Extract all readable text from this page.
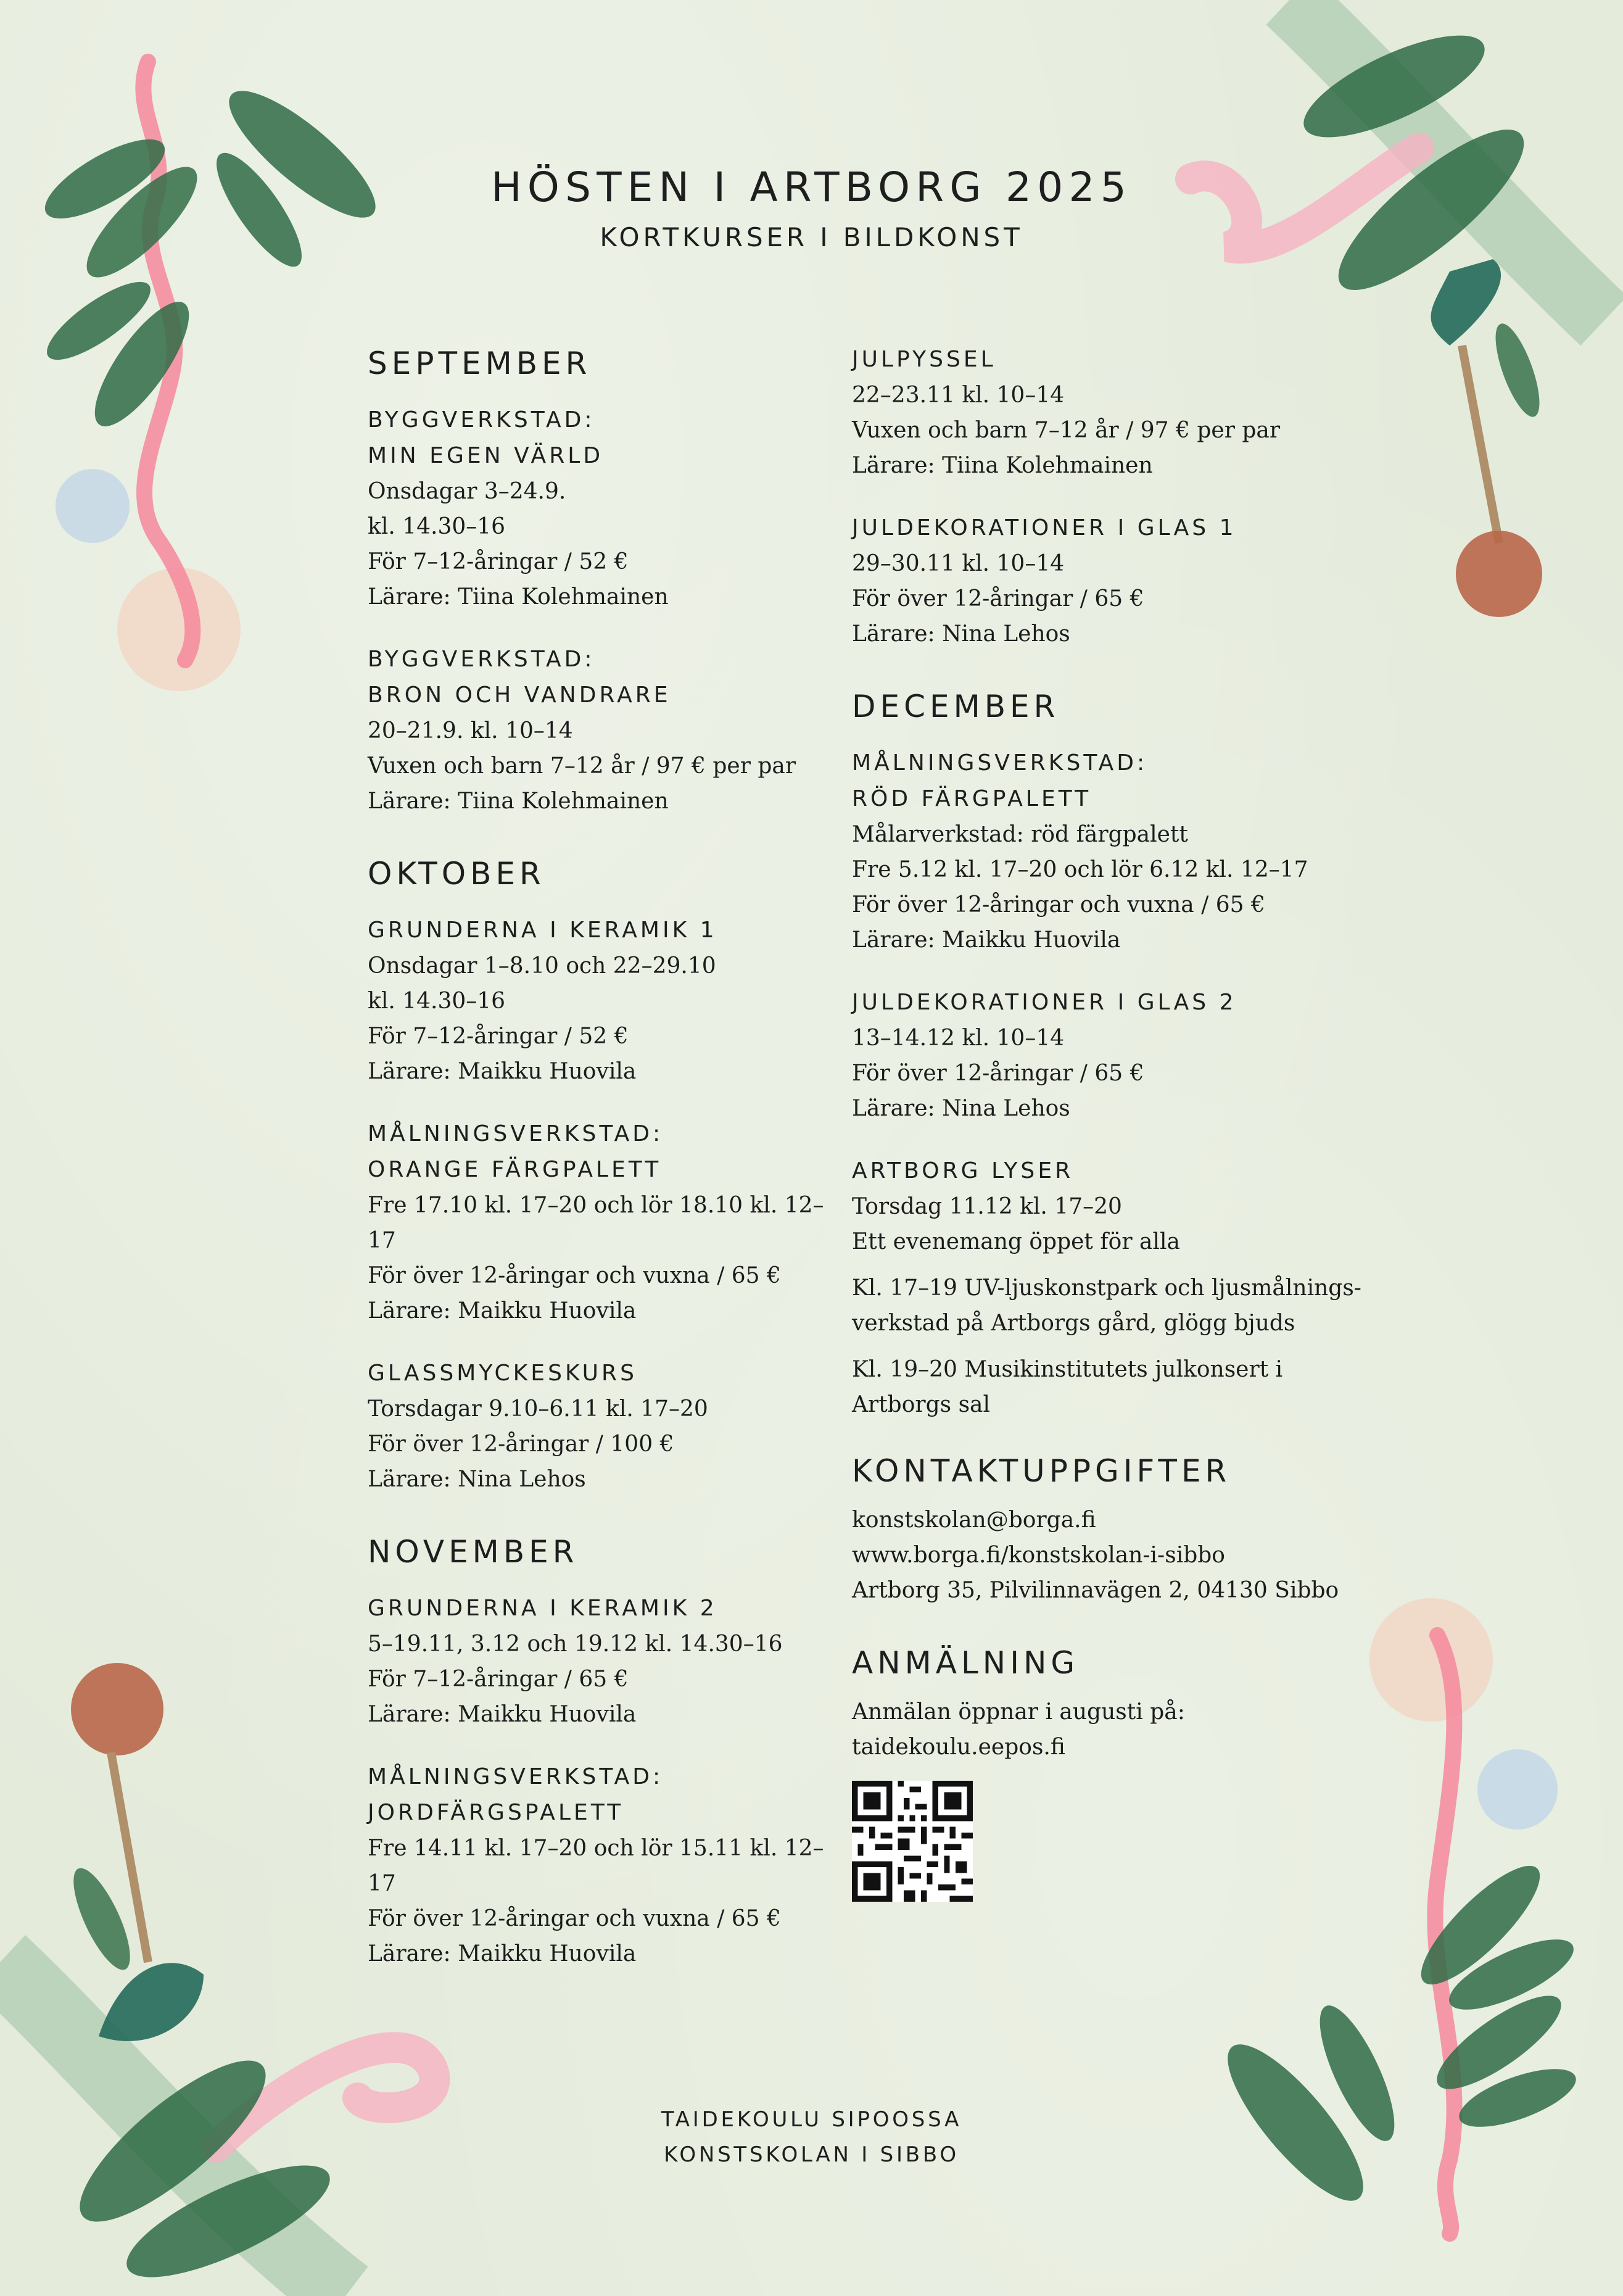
HÖSTEN I ARTBORG 2025
KORTKURSER I BILDKONST
SEPTEMBER
BYGGVERKSTAD:
MIN EGEN VÄRLD
Onsdagar 3–24.9.
kl. 14.30–16
För 7–12-åringar / 52 €
Lärare: Tiina Kolehmainen
BYGGVERKSTAD:
BRON OCH VANDRARE
20–21.9. kl. 10–14
Vuxen och barn 7–12 år / 97 € per par
Lärare: Tiina Kolehmainen
OKTOBER
GRUNDERNA I KERAMIK 1
Onsdagar 1–8.10 och 22–29.10
kl. 14.30–16
För 7–12-åringar / 52 €
Lärare: Maikku Huovila
MÅLNINGSVERKSTAD:
ORANGE FÄRGPALETT
Fre 17.10 kl. 17–20 och lör 18.10 kl. 12–17
För över 12-åringar och vuxna / 65 €
Lärare: Maikku Huovila
GLASSMYCKESKURS
Torsdagar 9.10–6.11 kl. 17–20
För över 12-åringar / 100 €
Lärare: Nina Lehos
NOVEMBER
GRUNDERNA I KERAMIK 2
5–19.11, 3.12 och 19.12 kl. 14.30–16
För 7–12-åringar / 65 €
Lärare: Maikku Huovila
MÅLNINGSVERKSTAD:
JORDFÄRGSPALETT
Fre 14.11 kl. 17–20 och lör 15.11 kl. 12–17
För över 12-åringar och vuxna / 65 €
Lärare: Maikku Huovila
JULPYSSEL
22–23.11 kl. 10–14
Vuxen och barn 7–12 år / 97 € per par
Lärare: Tiina Kolehmainen
JULDEKORATIONER I GLAS 1
29–30.11 kl. 10–14
För över 12-åringar / 65 €
Lärare: Nina Lehos
DECEMBER
MÅLNINGSVERKSTAD:
RÖD FÄRGPALETT
Målarverkstad: röd färgpalett
Fre 5.12 kl. 17–20 och lör 6.12 kl. 12–17
För över 12-åringar och vuxna / 65 €
Lärare: Maikku Huovila
JULDEKORATIONER I GLAS 2
13–14.12 kl. 10–14
För över 12-åringar / 65 €
Lärare: Nina Lehos
ARTBORG LYSER
Torsdag 11.12 kl. 17–20
Ett evenemang öppet för alla
Kl. 17–19 UV-ljuskonstpark och ljusmålnings-
verkstad på Artborgs gård, glögg bjuds
Kl. 19–20 Musikinstitutets julkonsert i
Artborgs sal
KONTAKTUPPGIFTER
konstskolan@borga.fi
www.borga.fi/konstskolan-i-sibbo
Artborg 35, Pilvilinnavägen 2, 04130 Sibbo
ANMÄLNING
Anmälan öppnar i augusti på:
taidekoulu.eepos.fi
TAIDEKOULU SIPOOSSA
KONSTSKOLAN I SIBBO
